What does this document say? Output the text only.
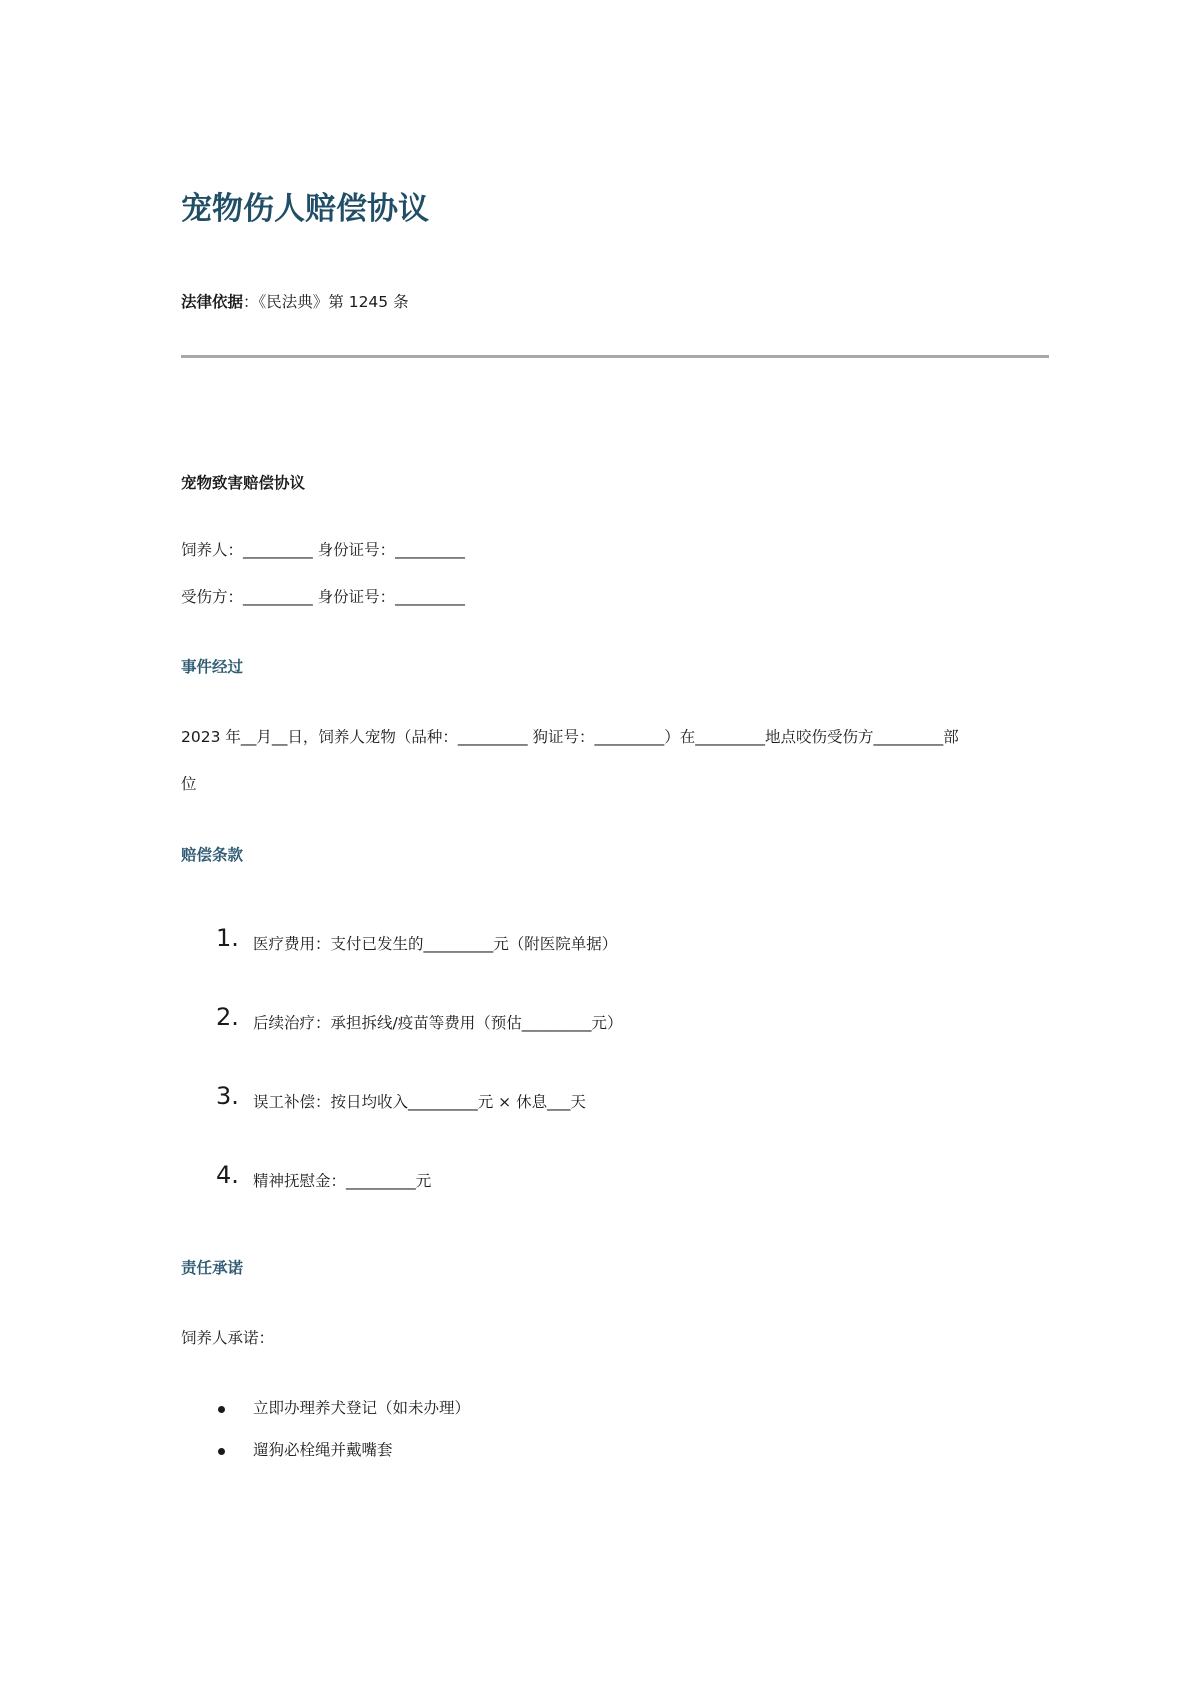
宠物伤人赔偿协议
法律依据：《民法典》第 1245 条
宠物致害赔偿协议
饲养人：_________ 身份证号：_________
受伤方：_________ 身份证号：_________
事件经过
2023 年__月__日，饲养人宠物（品种：_________ 狗证号：_________）在_________地点咬伤受伤方_________部
位
赔偿条款
1. 医疗费用：支付已发生的_________元（附医院单据）
2. 后续治疗：承担拆线/疫苗等费用（预估_________元）
3. 误工补偿：按日均收入_________元 × 休息___天
4. 精神抚慰金：_________元
责任承诺
饲养人承诺：
立即办理养犬登记（如未办理）
遛狗必栓绳并戴嘴套
